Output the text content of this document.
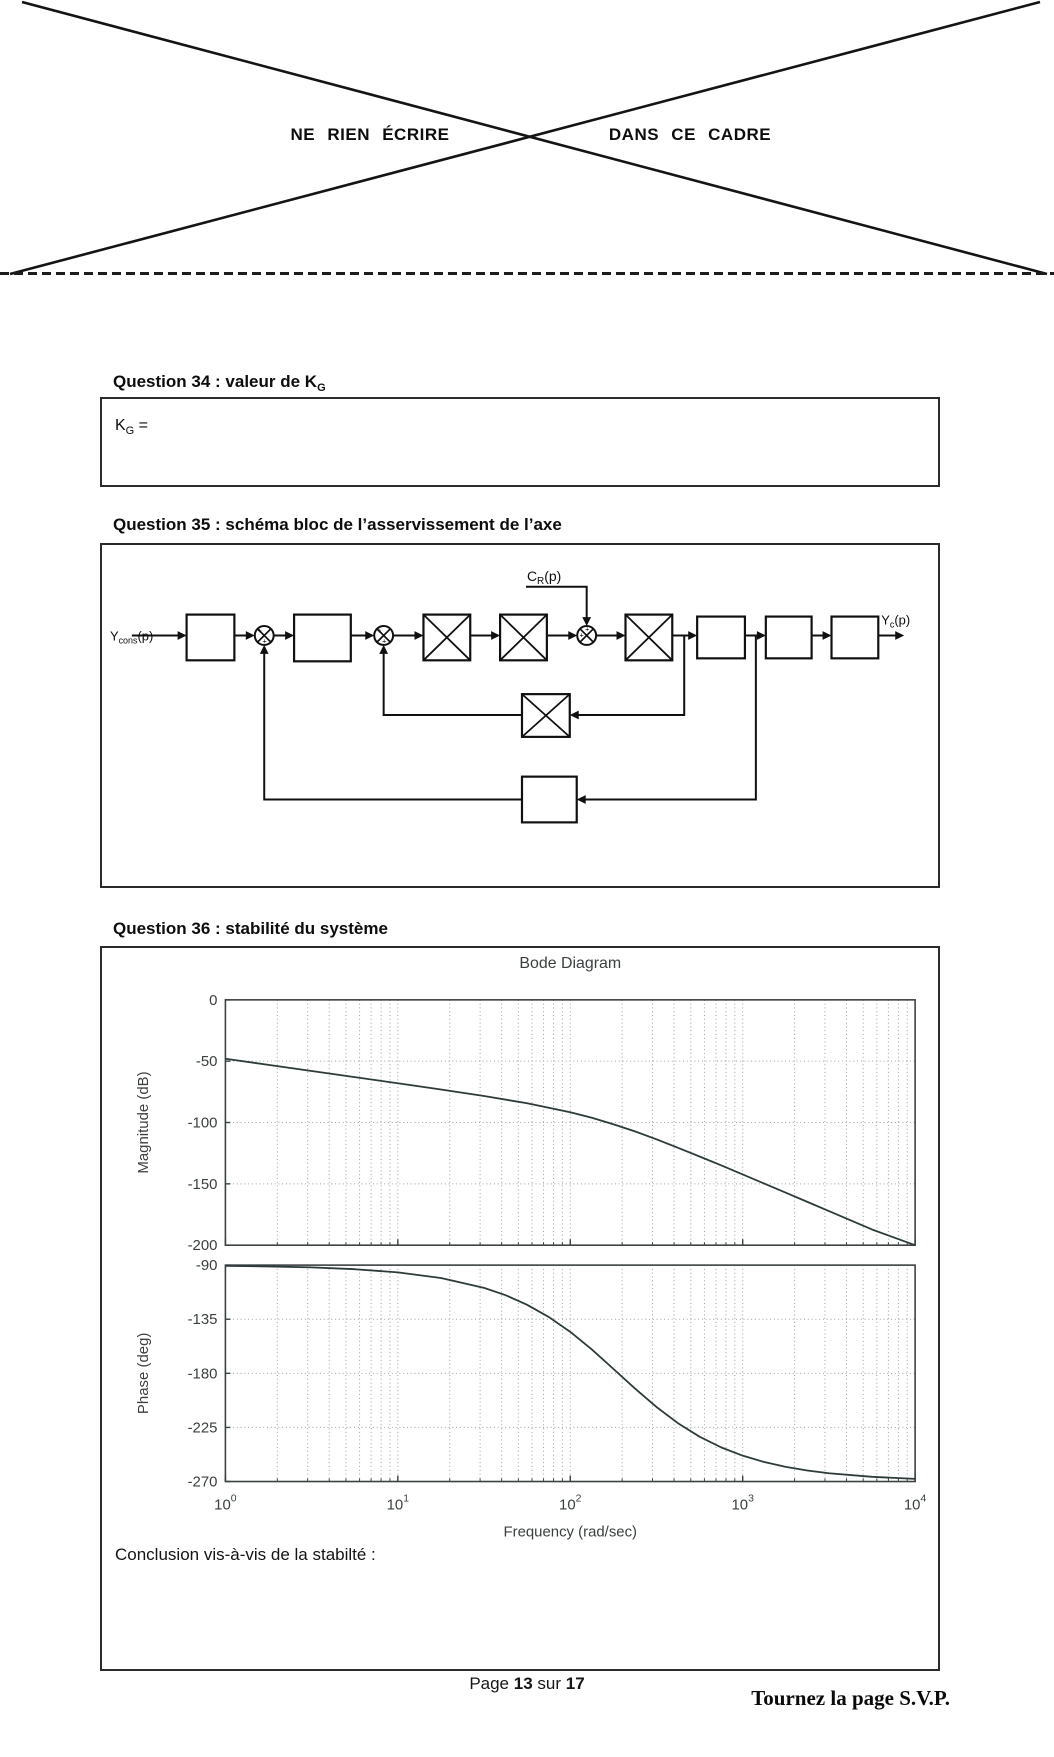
NE RIEN ÉCRIRE	DANS CE CADRE
Question 34 : valeur de $K_G$
$K_G$ =
Question 35 : schéma bloc de l’asservissement de l’axe
+
+
+
+
+
+
$Y_{cons}(p)$
$C_R(p)$
$Y_c(p)$
Question 36 : stabilité du système
Bode Diagram
0
-50
-100
-150
-200
Magnitude (dB)
-90
-135
-180
-225
-270
Phase (deg)
$10^0$	$10^1$	$10^2$	$10^3$	$10^4$
Frequency (rad/sec)
Conclusion vis-à-vis de la stabilté :
Page 13 sur 17
Tournez la page S.V.P.
